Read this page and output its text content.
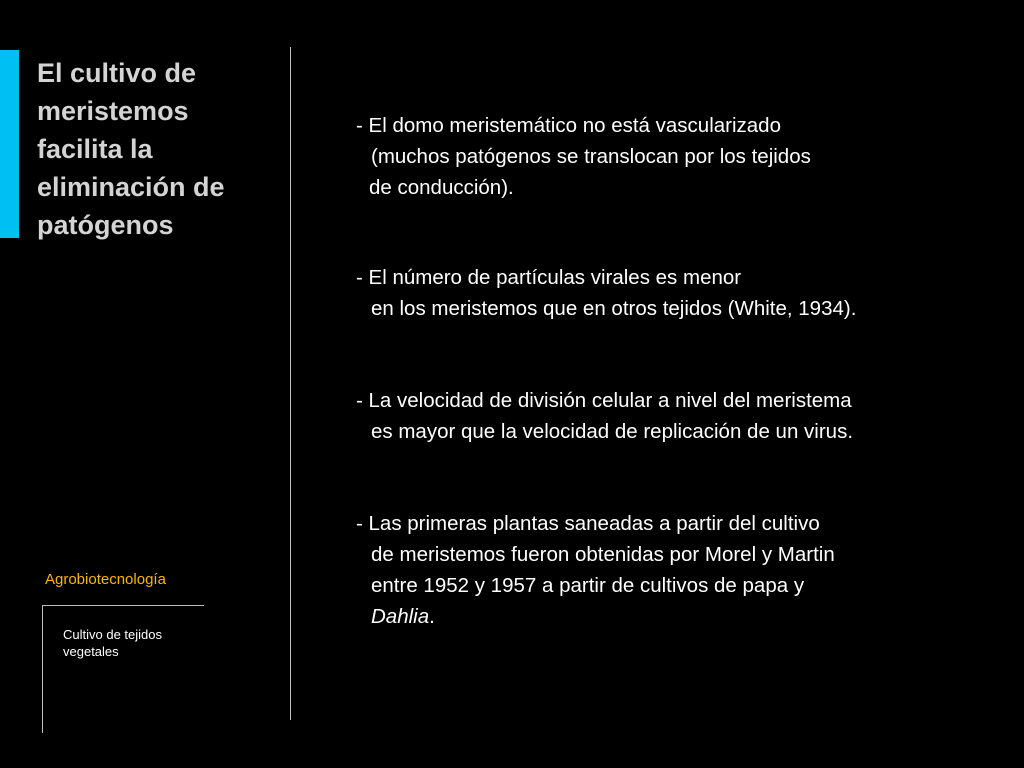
El cultivo de
meristemos
facilita la
eliminación de
patógenos
Agrobiotecnología
Cultivo de tejidos
vegetales
- El domo meristemático no está vascularizado
(muchos patógenos se translocan por los tejidos
de conducción).
- El número de partículas virales es menor
en los meristemos que en otros tejidos (White, 1934).
- La velocidad de división celular a nivel del meristema
es mayor que la velocidad de replicación de un virus.
- Las primeras plantas saneadas a partir del cultivo
de meristemos fueron obtenidas por Morel y Martin
entre 1952 y 1957 a partir de cultivos de papa y
Dahlia.
